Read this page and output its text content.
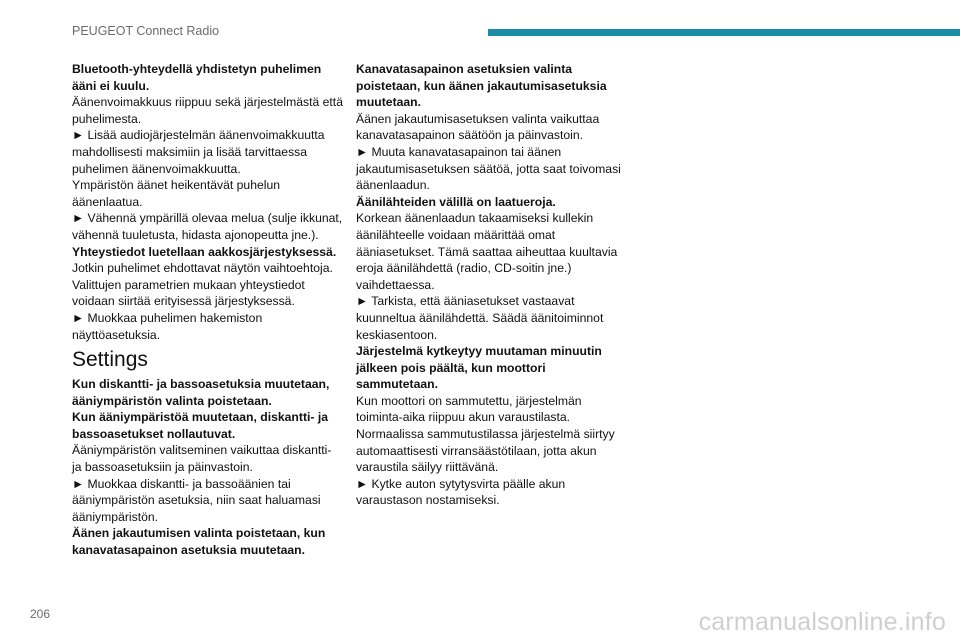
PEUGEOT Connect Radio

Bluetooth-yhteydellä yhdistetyn puhelimen ääni ei kuulu.

Äänenvoimakkuus riippuu sekä järjestelmästä että puhelimesta.

► Lisää audiojärjestelmän äänenvoimakkuutta mahdollisesti maksimiin ja lisää tarvittaessa puhelimen äänenvoimakkuutta.

Ympäristön äänet heikentävät puhelun äänenlaatua.

► Vähennä ympärillä olevaa melua (sulje ikkunat, vähennä tuuletusta, hidasta ajonopeutta jne.).

Yhteystiedot luetellaan aakkosjärjestyksessä.

Jotkin puhelimet ehdottavat näytön vaihtoehtoja. Valittujen parametrien mukaan yhteystiedot voidaan siirtää erityisessä järjestyksessä.

► Muokkaa puhelimen hakemiston näyttöasetuksia.

Settings

Kun diskantti- ja bassoasetuksia muutetaan, ääniympäristön valinta poistetaan.

Kun ääniympäristöä muutetaan, diskantti- ja bassoasetukset nollautuvat.

Ääniympäristön valitseminen vaikuttaa diskantti- ja bassoasetuksiin ja päinvastoin.

► Muokkaa diskantti- ja bassoäänien tai ääniympäristön asetuksia, niin saat haluamasi ääniympäristön.

Äänen jakautumisen valinta poistetaan, kun kanavatasapainon asetuksia muutetaan.

Kanavatasapainon asetuksien valinta poistetaan, kun äänen jakautumisasetuksia muutetaan.

Äänen jakautumisasetuksen valinta vaikuttaa kanavatasapainon säätöön ja päinvastoin.

► Muuta kanavatasapainon tai äänen jakautumisasetuksen säätöä, jotta saat toivomasi äänenlaadun.

Äänilähteiden välillä on laatueroja.

Korkean äänenlaadun takaamiseksi kullekin äänilähteelle voidaan määrittää omat ääniasetukset. Tämä saattaa aiheuttaa kuultavia eroja äänilähdettä (radio, CD-soitin jne.) vaihdettaessa.

► Tarkista, että ääniasetukset vastaavat kuunneltua äänilähdettä. Säädä äänitoiminnot keskiasentoon.

Järjestelmä kytkeytyy muutaman minuutin jälkeen pois päältä, kun moottori sammutetaan.

Kun moottori on sammutettu, järjestelmän toiminta-aika riippuu akun varaustilasta.

Normaalissa sammutustilassa järjestelmä siirtyy automaattisesti virransäästötilaan, jotta akun varaustila säilyy riittävänä.

► Kytke auton sytytysvirta päälle akun varaustason nostamiseksi.

206	carmanualsonline.info
